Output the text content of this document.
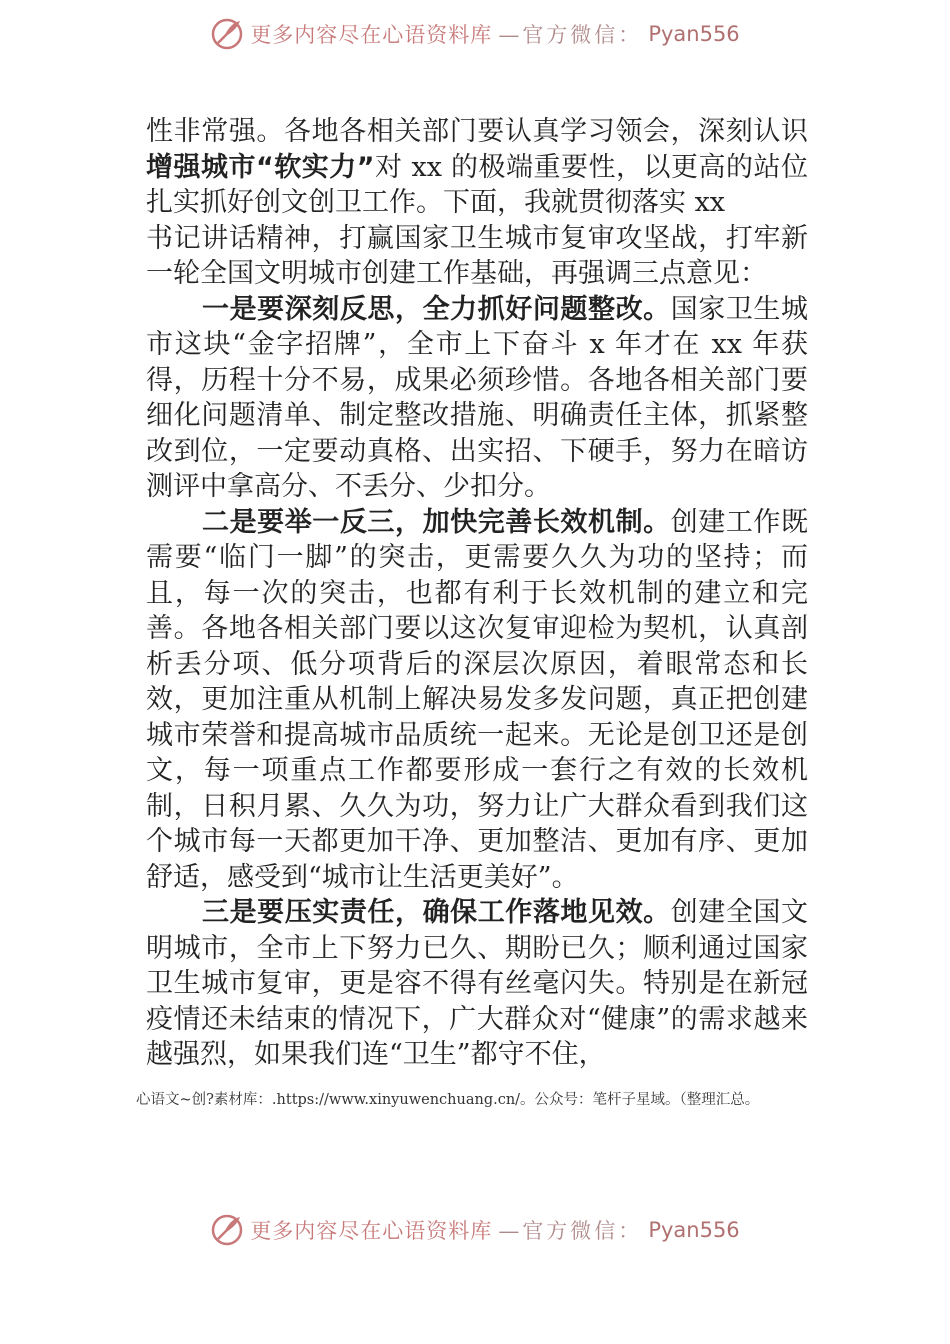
更多内容尽在心语资料库 —官方微信： Pyan556

性非常强。各地各相关部门要认真学习领会，深刻认识增强城市“软实力”对 xx 的极端重要性，以更高的站位扎实抓好创文创卫工作。下面，我就贯彻落实 xx

书记讲话精神，打赢国家卫生城市复审攻坚战，打牢新一轮全国文明城市创建工作基础，再强调三点意见：

一是要深刻反思，全力抓好问题整改。国家卫生城市这块“金字招牌”，全市上下奋斗 x 年才在 xx 年获得，历程十分不易，成果必须珍惜。各地各相关部门要细化问题清单、制定整改措施、明确责任主体，抓紧整改到位，一定要动真格、出实招、下硬手，努力在暗访测评中拿高分、不丢分、少扣分。

二是要举一反三，加快完善长效机制。创建工作既需要“临门一脚”的突击，更需要久久为功的坚持；而且，每一次的突击，也都有利于长效机制的建立和完善。各地各相关部门要以这次复审迎检为契机，认真剖析丢分项、低分项背后的深层次原因，着眼常态和长效，更加注重从机制上解决易发多发问题，真正把创建城市荣誉和提高城市品质统一起来。无论是创卫还是创文，每一项重点工作都要形成一套行之有效的长效机制，日积月累、久久为功，努力让广大群众看到我们这个城市每一天都更加干净、更加整洁、更加有序、更加舒适，感受到“城市让生活更美好”。

三是要压实责任，确保工作落地见效。创建全国文明城市，全市上下努力已久、期盼已久；顺利通过国家卫生城市复审，更是容不得有丝毫闪失。特别是在新冠疫情还未结束的情况下，广大群众对“健康”的需求越来越强烈，如果我们连“卫生”都守不住，

心语文~创?素材库：.https://www.xinyuwenchuang.cn/。公众号：笔杆子星域。（整理汇总。
更多内容尽在心语资料库 —官方微信： Pyan556
